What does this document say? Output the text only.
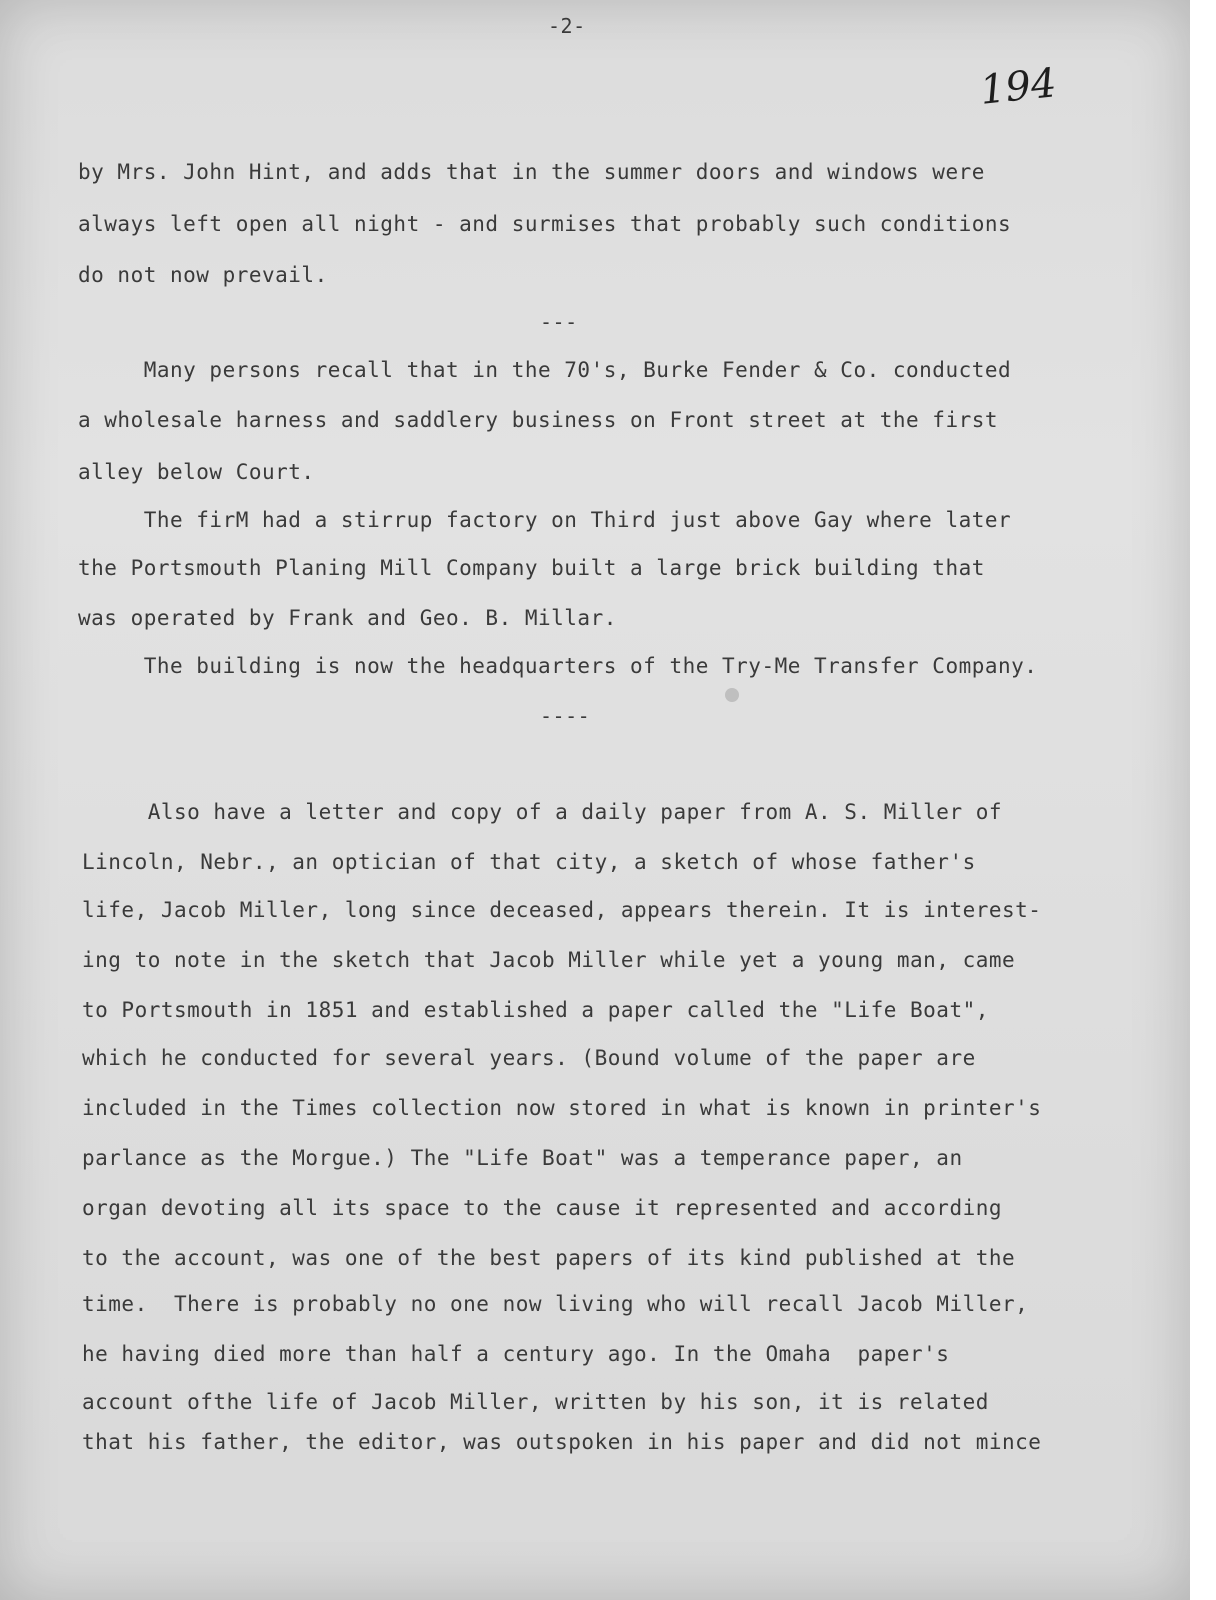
-2-
194
by Mrs. John Hint, and adds that in the summer doors and windows were
always left open all night - and surmises that probably such conditions
do not now prevail.
---
Many persons recall that in the 70's, Burke Fender & Co. conducted
a wholesale harness and saddlery business on Front street at the first
alley below Court.
The firM had a stirrup factory on Third just above Gay where later
the Portsmouth Planing Mill Company built a large brick building that
was operated by Frank and Geo. B. Millar.
The building is now the headquarters of the Try-Me Transfer Company.
----
Also have a letter and copy of a daily paper from A. S. Miller of
Lincoln, Nebr., an optician of that city, a sketch of whose father's
life, Jacob Miller, long since deceased, appears therein. It is interest-
ing to note in the sketch that Jacob Miller while yet a young man, came
to Portsmouth in 1851 and established a paper called the "Life Boat",
which he conducted for several years. (Bound volume of the paper are
included in the Times collection now stored in what is known in printer's
parlance as the Morgue.) The "Life Boat" was a temperance paper, an
organ devoting all its space to the cause it represented and according
to the account, was one of the best papers of its kind published at the
time.  There is probably no one now living who will recall Jacob Miller,
he having died more than half a century ago. In the Omaha  paper's
account ofthe life of Jacob Miller, written by his son, it is related
that his father, the editor, was outspoken in his paper and did not mince
